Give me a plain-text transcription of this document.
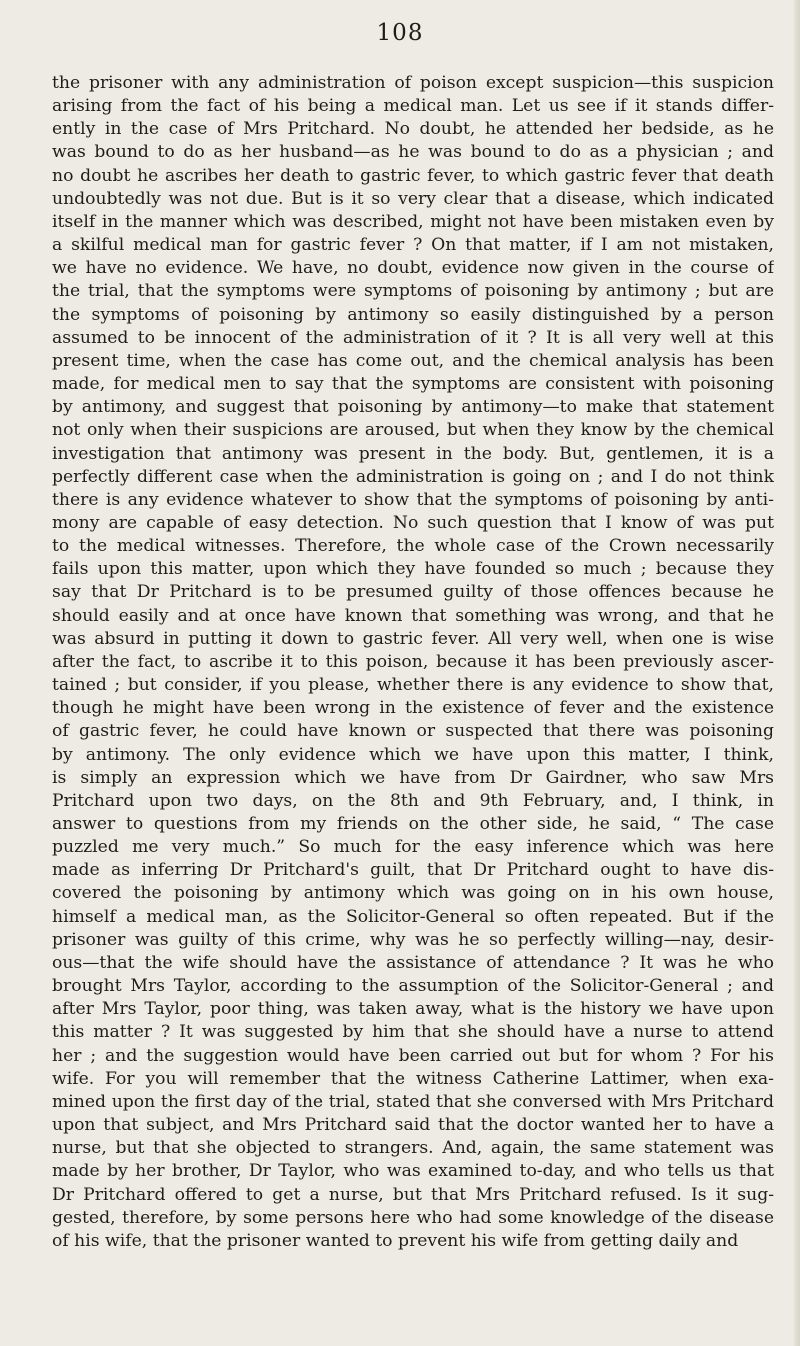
108
the prisoner with any administration of poison except suspicion—this suspicion
arising from the fact of his being a medical man. Let us see if it stands differ-
ently in the case of Mrs Pritchard. No doubt, he attended her bedside, as he
was bound to do as her husband—as he was bound to do as a physician ; and
no doubt he ascribes her death to gastric fever, to which gastric fever that death
undoubtedly was not due. But is it so very clear that a disease, which indicated
itself in the manner which was described, might not have been mistaken even by
a skilful medical man for gastric fever ? On that matter, if I am not mistaken,
we have no evidence. We have, no doubt, evidence now given in the course of
the trial, that the symptoms were symptoms of poisoning by antimony ; but are
the symptoms of poisoning by antimony so easily distinguished by a person
assumed to be innocent of the administration of it ? It is all very well at this
present time, when the case has come out, and the chemical analysis has been
made, for medical men to say that the symptoms are consistent with poisoning
by antimony, and suggest that poisoning by antimony—to make that statement
not only when their suspicions are aroused, but when they know by the chemical
investigation that antimony was present in the body. But, gentlemen, it is a
perfectly different case when the administration is going on ; and I do not think
there is any evidence whatever to show that the symptoms of poisoning by anti-
mony are capable of easy detection. No such question that I know of was put
to the medical witnesses. Therefore, the whole case of the Crown necessarily
fails upon this matter, upon which they have founded so much ; because they
say that Dr Pritchard is to be presumed guilty of those offences because he
should easily and at once have known that something was wrong, and that he
was absurd in putting it down to gastric fever. All very well, when one is wise
after the fact, to ascribe it to this poison, because it has been previously ascer-
tained ; but consider, if you please, whether there is any evidence to show that,
though he might have been wrong in the existence of fever and the existence
of gastric fever, he could have known or suspected that there was poisoning
by antimony. The only evidence which we have upon this matter, I think,
is simply an expression which we have from Dr Gairdner, who saw Mrs
Pritchard upon two days, on the 8th and 9th February, and, I think, in
answer to questions from my friends on the other side, he said, “ The case
puzzled me very much.” So much for the easy inference which was here
made as inferring Dr Pritchard's guilt, that Dr Pritchard ought to have dis-
covered the poisoning by antimony which was going on in his own house,
himself a medical man, as the Solicitor-General so often repeated. But if the
prisoner was guilty of this crime, why was he so perfectly willing—nay, desir-
ous—that the wife should have the assistance of attendance ? It was he who
brought Mrs Taylor, according to the assumption of the Solicitor-General ; and
after Mrs Taylor, poor thing, was taken away, what is the history we have upon
this matter ? It was suggested by him that she should have a nurse to attend
her ; and the suggestion would have been carried out but for whom ? For his
wife. For you will remember that the witness Catherine Lattimer, when exa-
mined upon the first day of the trial, stated that she conversed with Mrs Pritchard
upon that subject, and Mrs Pritchard said that the doctor wanted her to have a
nurse, but that she objected to strangers. And, again, the same statement was
made by her brother, Dr Taylor, who was examined to-day, and who tells us that
Dr Pritchard offered to get a nurse, but that Mrs Pritchard refused. Is it sug-
gested, therefore, by some persons here who had some knowledge of the disease
of his wife, that the prisoner wanted to prevent his wife from getting daily and
